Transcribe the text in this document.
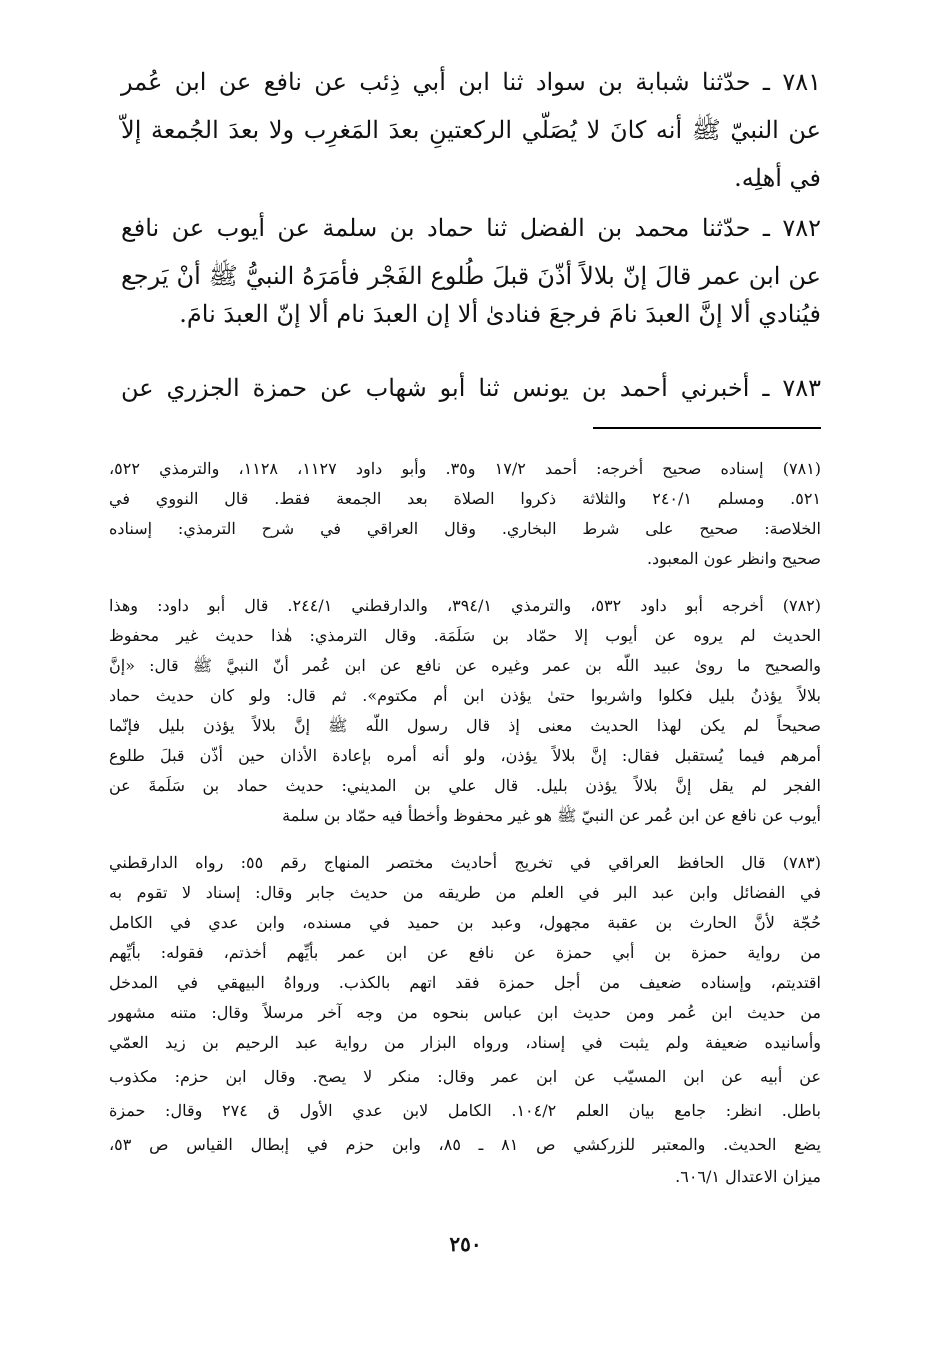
٧٨١ ـ حدّثنا شبابة بن سواد ثنا ابن أبي ذِئب عن نافع عن ابن عُمر
عن النبيّ ﷺ أنه كانَ لا يُصَلّي الركعتينِ بعدَ المَغرِب ولا بعدَ الجُمعة إلاّ
في أهلِه.
٧٨٢ ـ حدّثنا محمد بن الفضل ثنا حماد بن سلمة عن أيوب عن نافع
عن ابن عمر قالَ إنّ بلالاً أذّنَ قبلَ طُلوع الفَجْر فأمَرَهُ النبيُّ ﷺ أنْ يَرجع
فيُنادي ألا إنَّ العبدَ نامَ فرجعَ فنادىٰ ألا إن العبدَ نام ألا إنّ العبدَ نامَ.
٧٨٣ ـ أخبرني أحمد بن يونس ثنا أبو شهاب عن حمزة الجزري عن
(٧٨١) إسناده صحيح أخرجه: أحمد ١٧/٢ و٣٥. وأبو داود ١١٢٧، ١١٢٨، والترمذي ٥٢٢،
٥٢١. ومسلم ٢٤٠/١ والثلاثة ذكروا الصلاة بعد الجمعة فقط. قال النووي في
الخلاصة: صحيح على شرط البخاري. وقال العراقي في شرح الترمذي: إسناده
صحيح وانظر عون المعبود.
(٧٨٢) أخرجه أبو داود ٥٣٢، والترمذي ٣٩٤/١، والدارقطني ٢٤٤/١. قال أبو داود: وهذا
الحديث لم يروه عن أيوب إلا حمّاد بن سَلَمَة. وقال الترمذي: هٰذا حديث غير محفوظ
والصحيح ما روىٰ عبيد اللّه بن عمر وغيره عن نافع عن ابن عُمر أنّ النبيَّ ﷺ قال: «إنَّ
بلالاً يؤذنُ بليل فكلوا واشربوا حتىٰ يؤذن ابن أم مكتوم». ثم قال: ولو كان حديث حماد
صحيحاً لم يكن لهذا الحديث معنى إذ قال رسول اللّه ﷺ إنَّ بلالاً يؤذن بليل فإنّما
أمرهم فيما يُستقبل فقال: إنَّ بلالاً يؤذن، ولو أنه أمره بإعادة الأذان حين أذّن قبلَ طلوع
الفجر لم يقل إنَّ بلالاً يؤذن بليل. قال علي بن المديني: حديث حماد بن سَلَمةَ عن
أيوب عن نافع عن ابن عُمر عن النبيّ ﷺ هو غير محفوظ وأخطأ فيه حمّاد بن سلمة
(٧٨٣) قال الحافظ العراقي في تخريج أحاديث مختصر المنهاج رقم ٥٥: رواه الدارقطني
في الفضائل وابن عبد البر في العلم من طريقه من حديث جابر وقال: إسناد لا تقوم به
حُجّة لأنَّ الحارث بن عقبة مجهول، وعبد بن حميد في مسنده، وابن عدي في الكامل
من رواية حمزة بن أبي حمزة عن نافع عن ابن عمر بأيِّهم أخذتم، فقوله: بأيِّهم
اقتديتم، وإسناده ضعيف من أجل حمزة فقد اتهم بالكذب. ورواهُ البيهقي في المدخل
من حديث ابن عُمر ومن حديث ابن عباس بنحوه من وجه آخر مرسلاً وقال: متنه مشهور
وأسانيده ضعيفة ولم يثبت في إسناد، ورواه البزار من رواية عبد الرحيم بن زيد العمّي
عن أبيه عن ابن المسيّب عن ابن عمر وقال: منكر لا يصح. وقال ابن حزم: مكذوب
باطل. انظر: جامع بيان العلم ١٠٤/٢. الكامل لابن عدي الأول ق ٢٧٤ وقال: حمزة
يضع الحديث. والمعتبر للزركشي ص ٨١ ـ ٨٥، وابن حزم في إبطال القياس ص ٥٣،
ميزان الاعتدال ٦٠٦/١.
٢٥٠
